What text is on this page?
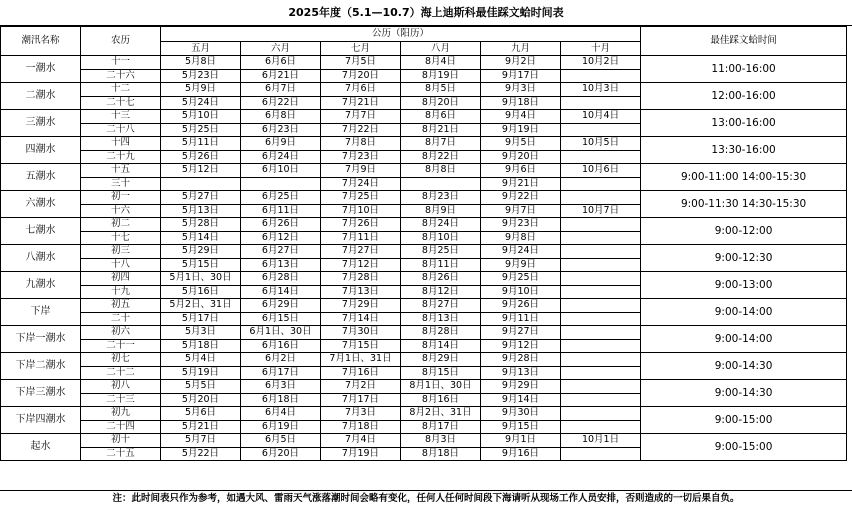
2025年度（5.1—10.7）海上迪斯科最佳踩文蛤时间表
潮汛名称	农历	公历（阳历）						最佳踩文蛤时间
		五月	六月	七月	八月	九月	十月	
一潮水	十一	5月8日	6月6日	7月5日	8月4日	9月2日	10月2日	11:00-16:00
	二十六	5月23日	6月21日	7月20日	8月19日	9月17日		
二潮水	十二	5月9日	6月7日	7月6日	8月5日	9月3日	10月3日	12:00-16:00
	二十七	5月24日	6月22日	7月21日	8月20日	9月18日		
三潮水	十三	5月10日	6月8日	7月7日	8月6日	9月4日	10月4日	13:00-16:00
	二十八	5月25日	6月23日	7月22日	8月21日	9月19日		
四潮水	十四	5月11日	6月9日	7月8日	8月7日	9月5日	10月5日	13:30-16:00
	二十九	5月26日	6月24日	7月23日	8月22日	9月20日		
五潮水	十五	5月12日	6月10日	7月9日	8月8日	9月6日	10月6日	9:00-11:00 14:00-15:30
	三十			7月24日		9月21日		
六潮水	初一	5月27日	6月25日	7月25日	8月23日	9月22日		9:00-11:30 14:30-15:30
	十六	5月13日	6月11日	7月10日	8月9日	9月7日	10月7日	
七潮水	初二	5月28日	6月26日	7月26日	8月24日	9月23日		9:00-12:00
	十七	5月14日	6月12日	7月11日	8月10日	9月8日		
八潮水	初三	5月29日	6月27日	7月27日	8月25日	9月24日		9:00-12:30
	十八	5月15日	6月13日	7月12日	8月11日	9月9日		
九潮水	初四	5月1日、30日	6月28日	7月28日	8月26日	9月25日		9:00-13:00
	十九	5月16日	6月14日	7月13日	8月12日	9月10日		
下岸	初五	5月2日、31日	6月29日	7月29日	8月27日	9月26日		9:00-14:00
	二十	5月17日	6月15日	7月14日	8月13日	9月11日		
下岸一潮水	初六	5月3日	6月1日、30日	7月30日	8月28日	9月27日		9:00-14:00
	二十一	5月18日	6月16日	7月15日	8月14日	9月12日		
下岸二潮水	初七	5月4日	6月2日	7月1日、31日	8月29日	9月28日		9:00-14:30
	二十二	5月19日	6月17日	7月16日	8月15日	9月13日		
下岸三潮水	初八	5月5日	6月3日	7月2日	8月1日、30日	9月29日		9:00-14:30
	二十三	5月20日	6月18日	7月17日	8月16日	9月14日		
下岸四潮水	初九	5月6日	6月4日	7月3日	8月2日、31日	9月30日		9:00-15:00
	二十四	5月21日	6月19日	7月18日	8月17日	9月15日		
起水	初十	5月7日	6月5日	7月4日	8月3日	9月1日	10月1日	9:00-15:00
	二十五	5月22日	6月20日	7月19日	8月18日	9月16日		
注：此时间表只作为参考，如遇大风、雷雨天气涨落潮时间会略有变化，任何人任何时间段下海请听从现场工作人员安排，否则造成的一切后果自负。
